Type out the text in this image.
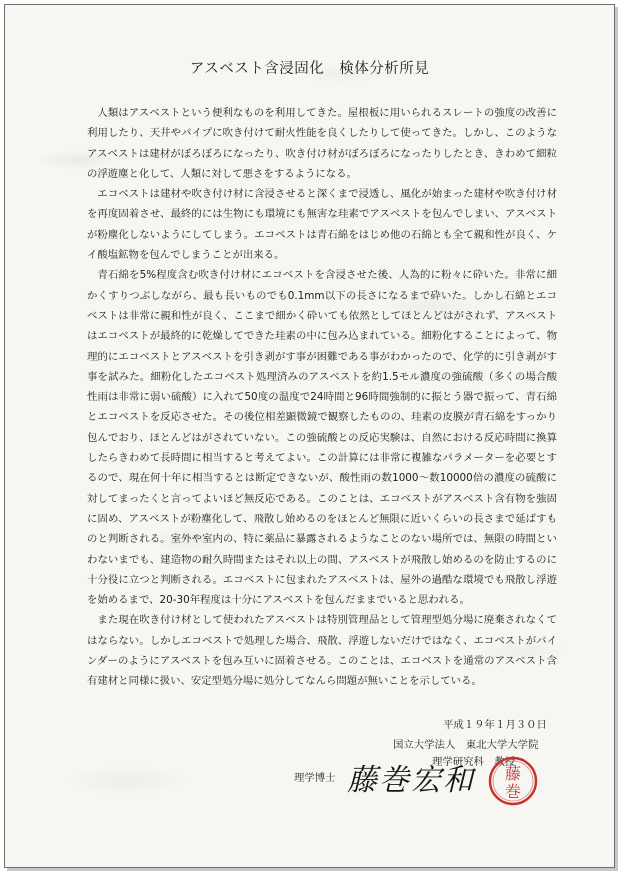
アスベスト含浸固化　検体分析所見

人類はアスベストという便利なものを利用してきた。屋根板に用いられるスレートの強度の改善に利用したり、天井やパイプに吹き付けて耐火性能を良くしたりして使ってきた。しかし、このようなアスベストは建材がぼろぼろになったり、吹き付け材がぼろぼろになったりしたとき、きわめて細粒の浮遊塵と化して、人類に対して悪さをするようになる。

エコベストは建材や吹き付け材に含浸させると深くまで浸透し、風化が始まった建材や吹き付け材を再度固着させ、最終的には生物にも環境にも無害な珪素でアスベストを包んでしまい、アスベストが粉塵化しないようにしてしまう。エコベストは青石綿をはじめ他の石綿とも全て親和性が良く、ケイ酸塩鉱物を包んでしまうことが出来る。

青石綿を5%程度含む吹き付け材にエコベストを含浸させた後、人為的に粉々に砕いた。非常に細かくすりつぶしながら、最も長いものでも0.1mm以下の長さになるまで砕いた。しかし石綿とエコベストは非常に親和性が良く、ここまで細かく砕いても依然としてほとんどはがされず、アスベストはエコベストが最終的に乾燥してできた珪素の中に包み込まれている。細粉化することによって、物理的にエコベストとアスベストを引き剥がす事が困難である事がわかったので、化学的に引き剥がす事を試みた。細粉化したエコベスト処理済みのアスベストを約1.5モル濃度の強硫酸（多くの場合酸性雨は非常に弱い硫酸）に入れて50度の温度で24時間と96時間強制的に振とう器で振って、青石綿とエコベストを反応させた。その後位相差顕微鏡で観察したものの、珪素の皮膜が青石綿をすっかり包んでおり、ほとんどはがされていない。この強硫酸との反応実験は、自然における反応時間に換算したらきわめて長時間に相当すると考えてよい。この計算には非常に複雑なパラメーターを必要とするので、現在何十年に相当するとは断定できないが、酸性雨の数1000〜数10000倍の濃度の硫酸に対してまったくと言ってよいほど無反応である。このことは、エコベストがアスベスト含有物を強固に固め、アスベストが粉塵化して、飛散し始めるのをほとんど無限に近いくらいの長さまで延ばすものと判断される。室外や室内の、特に薬品に暴露されるようなことのない場所では、無限の時間といわないまでも、建造物の耐久時間またはそれ以上の間、アスベストが飛散し始めるのを防止するのに十分役に立つと判断される。エコベストに包まれたアスベストは、屋外の過酷な環境でも飛散し浮遊を始めるまで、20-30年程度は十分にアスベストを包んだままでいると思われる。

また現在吹き付け材として使われたアスベストは特別管理品として管理型処分場に廃棄されなくてはならない。しかしエコベストで処理した場合、飛散、浮遊しないだけではなく、エコベストがバインダーのようにアスベストを包み互いに固着させる。このことは、エコベストを通常のアスベスト含有建材と同様に扱い、安定型処分場に処分してなんら問題が無いことを示している。

平成１９年１月３０日
国立大学法人　東北大学大学院
理学研究科　教授
理学博士 藤巻宏和 藤
巻
